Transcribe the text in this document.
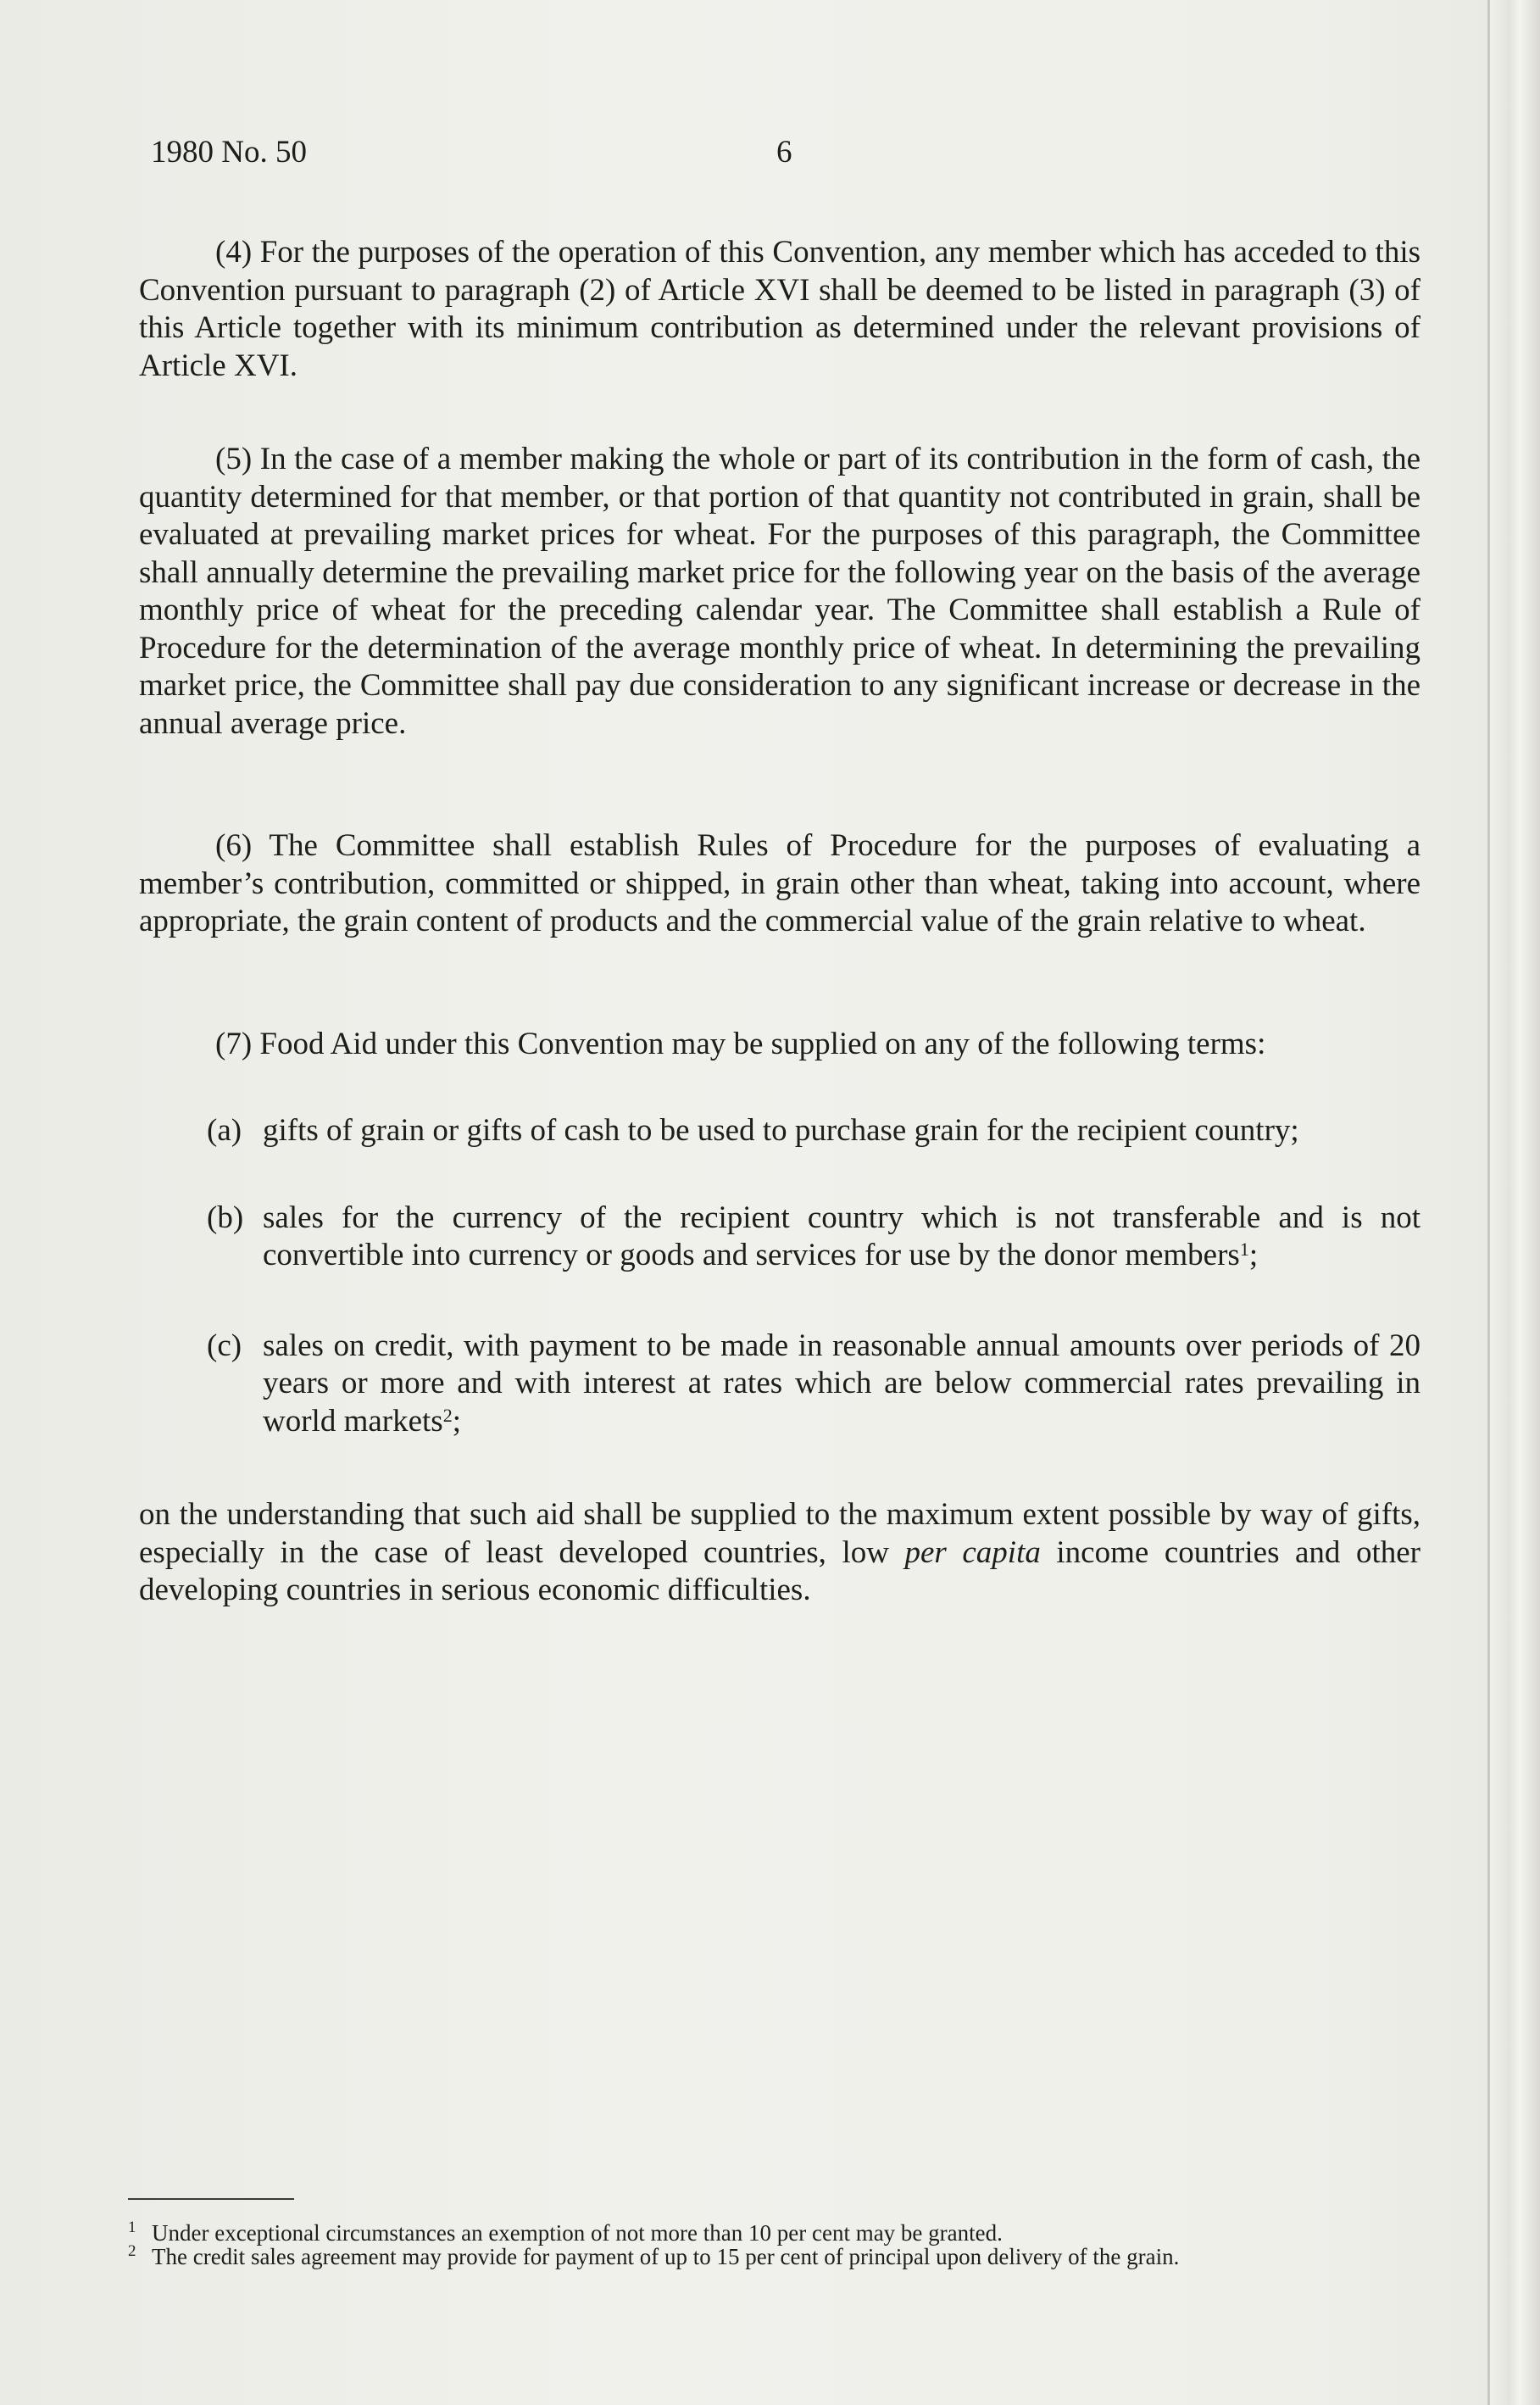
1980 No. 50	6

(4) For the purposes of the operation of this Convention, any member which has acceded to this Convention pursuant to paragraph (2) of Article XVI shall be deemed to be listed in paragraph (3) of this Article together with its minimum contribution as determined under the relevant provisions of Article XVI.

(5) In the case of a member making the whole or part of its contribution in the form of cash, the quantity determined for that member, or that portion of that quantity not contributed in grain, shall be evaluated at prevailing market prices for wheat. For the purposes of this paragraph, the Committee shall annually determine the prevailing market price for the following year on the basis of the average monthly price of wheat for the preceding calendar year. The Committee shall establish a Rule of Procedure for the determination of the average monthly price of wheat. In determining the prevailing market price, the Committee shall pay due consideration to any significant increase or decrease in the annual average price.

(6) The Committee shall establish Rules of Procedure for the purposes of evaluating a member’s contribution, committed or shipped, in grain other than wheat, taking into account, where appropriate, the grain content of products and the commercial value of the grain relative to wheat.

(7) Food Aid under this Convention may be supplied on any of the following terms:

(a) gifts of grain or gifts of cash to be used to purchase grain for the recipient country;
(b) sales for the currency of the recipient country which is not transferable and is not convertible into currency or goods and services for use by the donor members$^1$;
(c) sales on credit, with payment to be made in reasonable annual amounts over periods of 20 years or more and with interest at rates which are below commercial rates prevailing in world markets$^2$;

on the understanding that such aid shall be supplied to the maximum extent possible by way of gifts, especially in the case of least developed countries, low per capita income countries and other developing countries in serious economic difficulties.

1 Under exceptional circumstances an exemption of not more than 10 per cent may be granted.

2 The credit sales agreement may provide for payment of up to 15 per cent of principal upon delivery of the grain.
